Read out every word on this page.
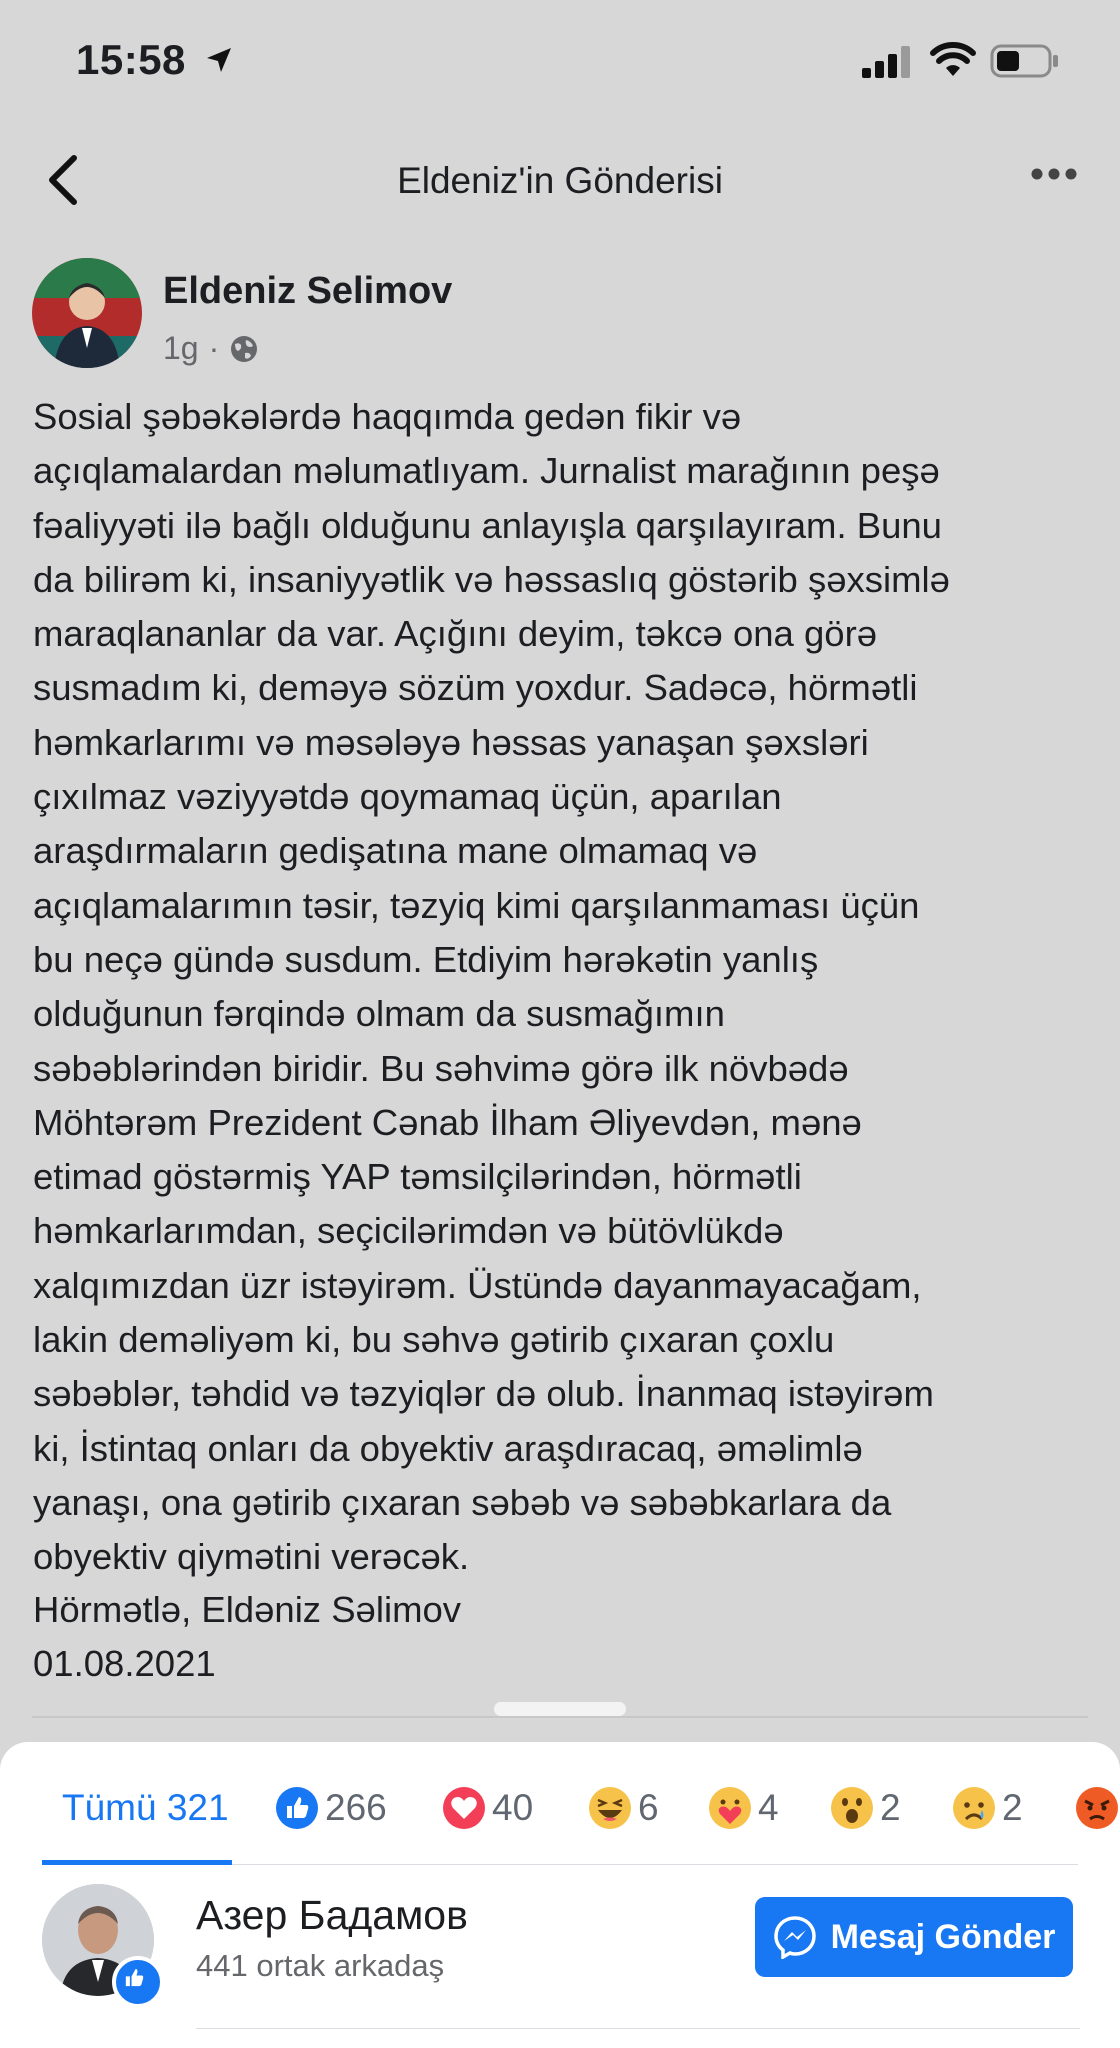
15:58
Eldeniz'in Gönderisi
Eldeniz Selimov
1g ·
Sosial şəbəkələrdə haqqımda gedən fikir və
açıqlamalardan məlumatlıyam. Jurnalist marağının peşə
fəaliyyəti ilə bağlı olduğunu anlayışla qarşılayıram. Bunu
da bilirəm ki, insaniyyətlik və həssaslıq göstərib şəxsimlə
maraqlananlar da var. Açığını deyim, təkcə ona görə
susmadım ki, deməyə sözüm yoxdur. Sadəcə, hörmətli
həmkarlarımı və məsələyə həssas yanaşan şəxsləri
çıxılmaz vəziyyətdə qoymamaq üçün, aparılan
araşdırmaların gedişatına mane olmamaq və
açıqlamalarımın təsir, təzyiq kimi qarşılanmaması üçün
bu neçə gündə susdum. Etdiyim hərəkətin yanlış
olduğunun fərqində olmam da susmağımın
səbəblərindən biridir. Bu səhvimə görə ilk növbədə
Möhtərəm Prezident Cənab İlham Əliyevdən, mənə
etimad göstərmiş YAP təmsilçilərindən, hörmətli
həmkarlarımdan, seçicilərimdən və bütövlükdə
xalqımızdan üzr istəyirəm. Üstündə dayanmayacağam,
lakin deməliyəm ki, bu səhvə gətirib çıxaran çoxlu
səbəblər, təhdid və təzyiqlər də olub. İnanmaq istəyirəm
ki, İstintaq onları da obyektiv araşdıracaq, əməlimlə
yanaşı, ona gətirib çıxaran səbəb və səbəbkarlara da
obyektiv qiymətini verəcək.
Hörmətlə, Eldəniz Səlimov
01.08.2021
Tümü 321	266	40	6	4	2	2
Азер Бадамов
441 ortak arkadaş
Mesaj Gönder
